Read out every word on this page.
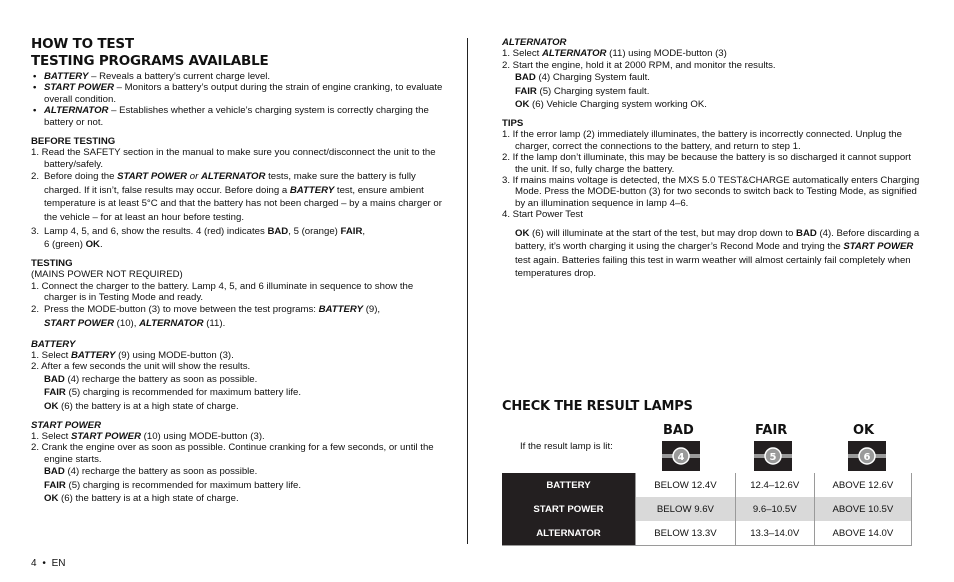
HOW TO TEST
TESTING PROGRAMS AVAILABLE
• BATTERY – Reveals a battery’s current charge level.
• START POWER – Monitors a battery’s output during the strain of engine cranking, to evaluate overall condition.
• ALTERNATOR – Establishes whether a vehicle’s charging system is correctly charging the battery or not.
BEFORE TESTING
1. Read the SAFETY section in the manual to make sure you connect/disconnect the unit to the battery/safely.
2. Before doing the START POWER or ALTERNATOR tests, make sure the battery is fully charged. If it isn’t, false results may occur. Before doing a BATTERY test, ensure ambient temperature is at least 5°C and that the battery has not been charged – by a mains charger or the vehicle – for at least an hour before testing.
3. Lamp 4, 5, and 6, show the results. 4 (red) indicates BAD, 5 (orange) FAIR,
6 (green) OK.
TESTING
(MAINS POWER NOT REQUIRED)
1. Connect the charger to the battery. Lamp 4, 5, and 6 illuminate in sequence to show the charger is in Testing Mode and ready.
2. Press the MODE-button (3) to move between the test programs: BATTERY (9),
START POWER (10), ALTERNATOR (11).
BATTERY
1. Select BATTERY (9) using MODE-button (3).
2. After a few seconds the unit will show the results.
BAD (4) recharge the battery as soon as possible.
FAIR (5) charging is recommended for maximum battery life.
OK (6) the battery is at a high state of charge.
START POWER
1. Select START POWER (10) using MODE-button (3).
2. Crank the engine over as soon as possible. Continue cranking for a few seconds, or until the engine starts.
BAD (4) recharge the battery as soon as possible.
FAIR (5) charging is recommended for maximum battery life.
OK (6) the battery is at a high state of charge.
ALTERNATOR
1. Select ALTERNATOR (11) using MODE-button (3)
2. Start the engine, hold it at 2000 RPM, and monitor the results.
BAD (4) Charging System fault.
FAIR (5) Charging system fault.
OK (6) Vehicle Charging system working OK.
TIPS
1. If the error lamp (2) immediately illuminates, the battery is incorrectly connected. Unplug the charger, correct the connections to the battery, and return to step 1.
2. If the lamp don’t illuminate, this may be because the battery is so discharged it cannot support the unit. If so, fully charge the battery.
3. If mains mains voltage is detected, the MXS 5.0 TEST&CHARGE automatically enters Charging Mode. Press the MODE-button (3) for two seconds to switch back to Testing Mode, as signified by an illumination sequence in lamp 4–6.
4. Start Power Test
OK (6) will illuminate at the start of the test, but may drop down to BAD (4). Before discarding a battery, it’s worth charging it using the charger’s Recond Mode and trying the START POWER test again. Batteries failing this test in warm weather will almost certainly fail completely when temperatures drop.
CHECK THE RESULT LAMPS
If the result lamp is lit:
BAD	FAIR	OK
4	5	6
BATTERY	BELOW 12.4V	12.4–12.6V	ABOVE 12.6V
START POWER	BELOW 9.6V	9.6–10.5V	ABOVE 10.5V
ALTERNATOR	BELOW 13.3V	13.3–14.0V	ABOVE 14.0V
4 • EN
